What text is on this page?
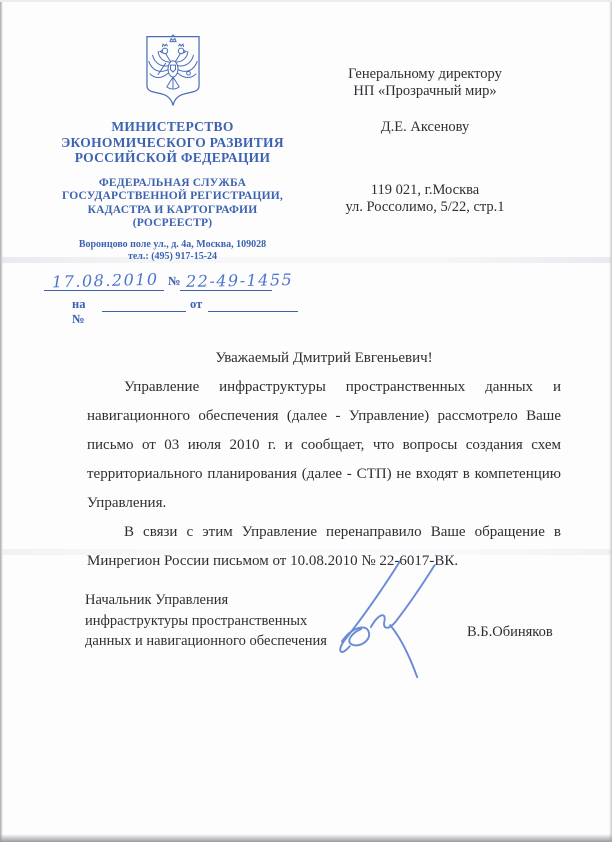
МИНИСТЕРСТВО
ЭКОНОМИЧЕСКОГО РАЗВИТИЯ
РОССИЙСКОЙ ФЕДЕРАЦИИ
ФЕДЕРАЛЬНАЯ СЛУЖБА
ГОСУДАРСТВЕННОЙ РЕГИСТРАЦИИ,
КАДАСТРА И КАРТОГРАФИИ
(РОСРЕЕСТР)
Воронцово поле ул., д. 4а, Москва, 109028
тел.: (495) 917-15-24
Генеральному директору
НП «Прозрачный мир»
Д.Е. Аксенову
119 021, г.Москва
ул. Россолимо, 5/22, стр.1
17.08.2010 № 22-49-1455
на №
от

Уважаемый Дмитрий Евгеньевич!

Управление инфраструктуры пространственных данных и навигационного обеспечения (далее - Управление) рассмотрело Ваше письмо от 03 июля 2010 г. и сообщает, что вопросы создания схем территориального планирования (далее - СТП) не входят в компетенцию Управления.

В связи с этим Управление перенаправило Ваше обращение в Минрегион России письмом от 10.08.2010 № 22-6017-ВК.

Начальник Управления
инфраструктуры пространственных
данных и навигационного обеспечения
В.Б.Обиняков
